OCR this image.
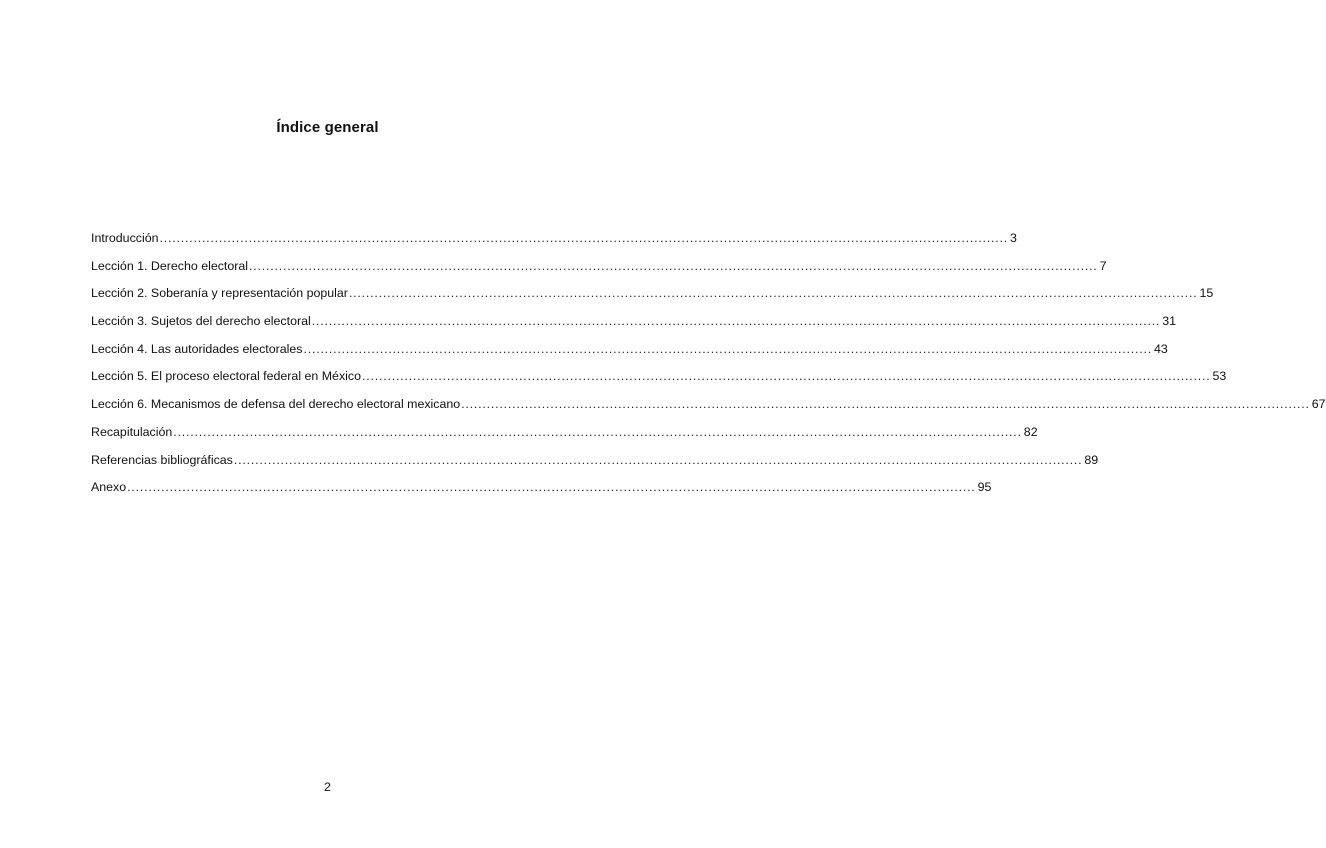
Índice general
Introducción ........................................................................................................................................................................................................ 3
Lección 1. Derecho electoral ........................................................................................................................................................................................................ 7
Lección 2. Soberanía y representación popular ........................................................................................................................................................................................................ 15
Lección 3. Sujetos del derecho electoral ........................................................................................................................................................................................................ 31
Lección 4. Las autoridades electorales ........................................................................................................................................................................................................ 43
Lección 5. El proceso electoral federal en México ........................................................................................................................................................................................................ 53
Lección 6. Mecanismos de defensa del derecho electoral mexicano ........................................................................................................................................................................................................ 67
Recapitulación ........................................................................................................................................................................................................ 82
Referencias bibliográficas ........................................................................................................................................................................................................ 89
Anexo ........................................................................................................................................................................................................ 95
2
